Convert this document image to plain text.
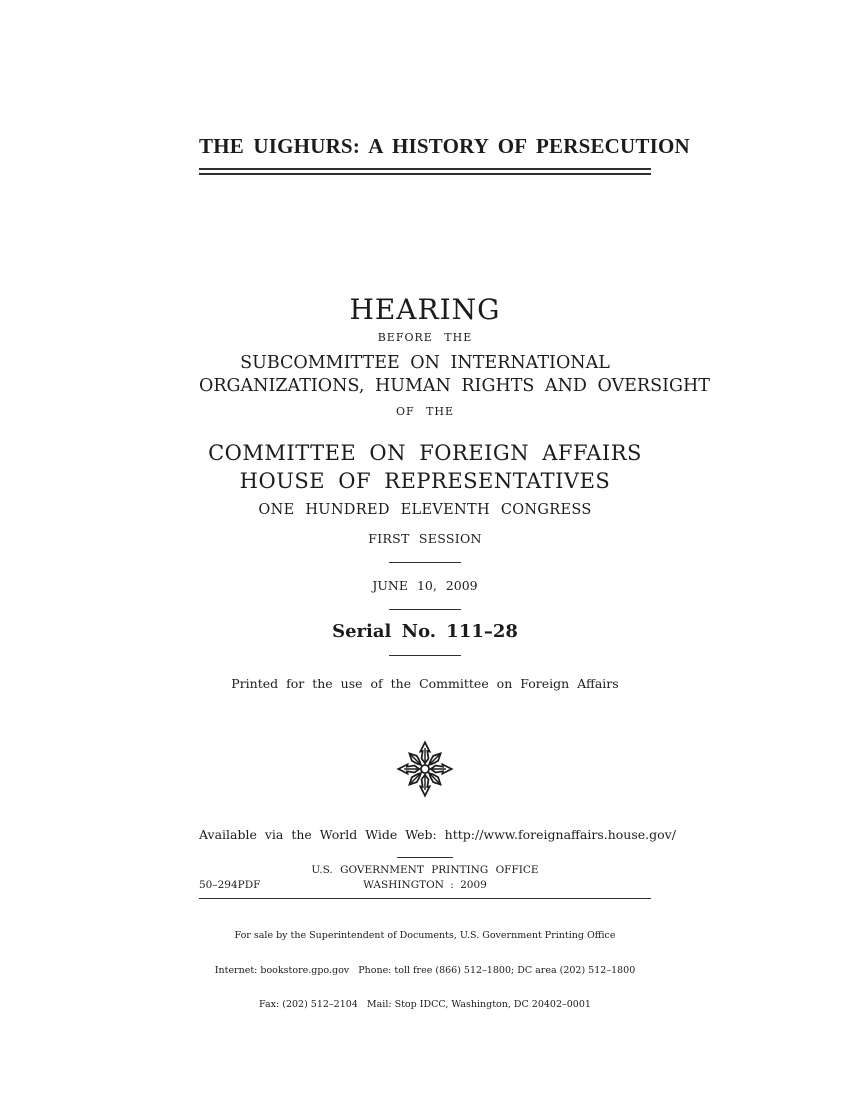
THE UIGHURS: A HISTORY OF PERSECUTION
HEARING
BEFORE THE
SUBCOMMITTEE ON INTERNATIONAL
ORGANIZATIONS, HUMAN RIGHTS AND OVERSIGHT
OF THE
COMMITTEE ON FOREIGN AFFAIRS
HOUSE OF REPRESENTATIVES
ONE HUNDRED ELEVENTH CONGRESS
FIRST SESSION
JUNE 10, 2009
Serial No. 111–28
Printed for the use of the Committee on Foreign Affairs
Available via the World Wide Web: http://www.foreignaffairs.house.gov/
U.S. GOVERNMENT PRINTING OFFICE
50–294PDF	WASHINGTON : 2009

For sale by the Superintendent of Documents, U.S. Government Printing Office

Internet: bookstore.gpo.gov   Phone: toll free (866) 512–1800; DC area (202) 512–1800

Fax: (202) 512–2104   Mail: Stop IDCC, Washington, DC 20402–0001
